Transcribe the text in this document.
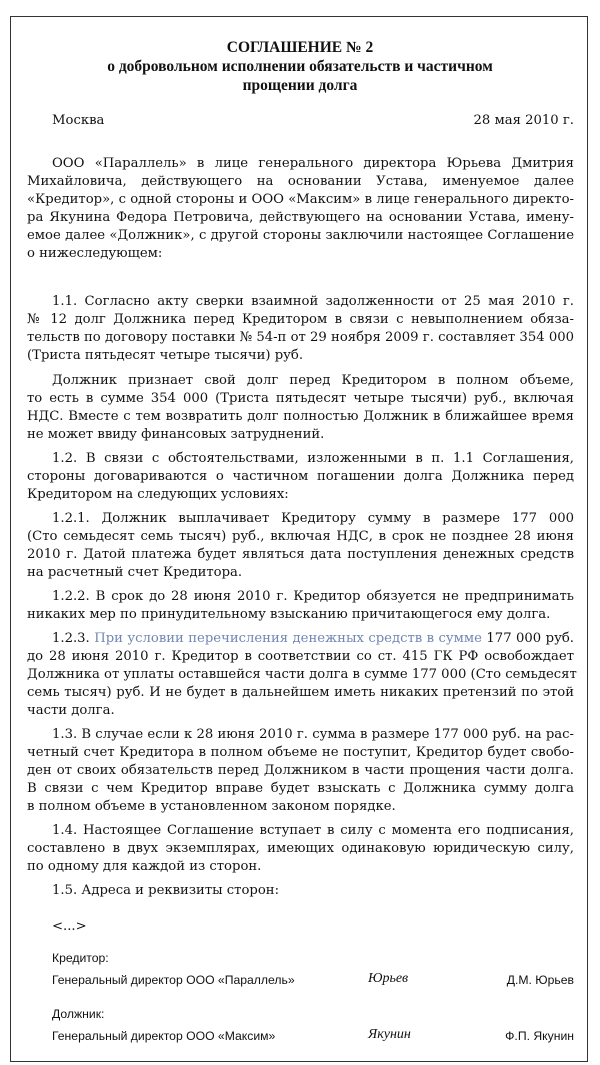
СОГЛАШЕНИЕ № 2
о добровольном исполнении обязательств и частичном
прощении долга
Москва	28 мая 2010 г.
ООО «Параллель» в лице генерального директора Юрьева Дмитрия
Михайловича, действующего на основании Устава, именуемое далее
«Кредитор», с одной стороны и ООО «Максим» в лице генерального директо-
ра Якунина Федора Петровича, действующего на основании Устава, имену-
емое далее «Должник», с другой стороны заключили настоящее Соглашение
о нижеследующем:
1.1. Согласно акту сверки взаимной задолженности от 25 мая 2010 г.
№ 12 долг Должника перед Кредитором в связи с невыполнением обяза-
тельств по договору поставки № 54-п от 29 ноября 2009 г. составляет 354 000
(Триста пятьдесят четыре тысячи) руб.
Должник признает свой долг перед Кредитором в полном объеме,
то есть в сумме 354 000 (Триста пятьдесят четыре тысячи) руб., включая
НДС. Вместе с тем возвратить долг полностью Должник в ближайшее время
не может ввиду финансовых затруднений.
1.2. В связи с обстоятельствами, изложенными в п. 1.1 Соглашения,
стороны договариваются о частичном погашении долга Должника перед
Кредитором на следующих условиях:
1.2.1. Должник выплачивает Кредитору сумму в размере 177 000
(Сто семьдесят семь тысяч) руб., включая НДС, в срок не позднее 28 июня
2010 г. Датой платежа будет являться дата поступления денежных средств
на расчетный счет Кредитора.
1.2.2. В срок до 28 июня 2010 г. Кредитор обязуется не предпринимать
никаких мер по принудительному взысканию причитающегося ему долга.
1.2.3. При условии перечисления денежных средств в сумме 177 000 руб.
до 28 июня 2010 г. Кредитор в соответствии со ст. 415 ГК РФ освобождает
Должника от уплаты оставшейся части долга в сумме 177 000 (Сто семьдесят
семь тысяч) руб. И не будет в дальнейшем иметь никаких претензий по этой
части долга.
1.3. В случае если к 28 июня 2010 г. сумма в размере 177 000 руб. на рас-
четный счет Кредитора в полном объеме не поступит, Кредитор будет свобо-
ден от своих обязательств перед Должником в части прощения части долга.
В связи с чем Кредитор вправе будет взыскать с Должника сумму долга
в полном объеме в установленном законом порядке.
1.4. Настоящее Соглашение вступает в силу с момента его подписания,
составлено в двух экземплярах, имеющих одинаковую юридическую силу,
по одному для каждой из сторон.
1.5. Адреса и реквизиты сторон:
<...>
Кредитор:
Генеральный директор ООО «Параллель»	Юрьев	Д.М. Юрьев
Должник:
Генеральный директор ООО «Максим»	Якунин	Ф.П. Якунин
